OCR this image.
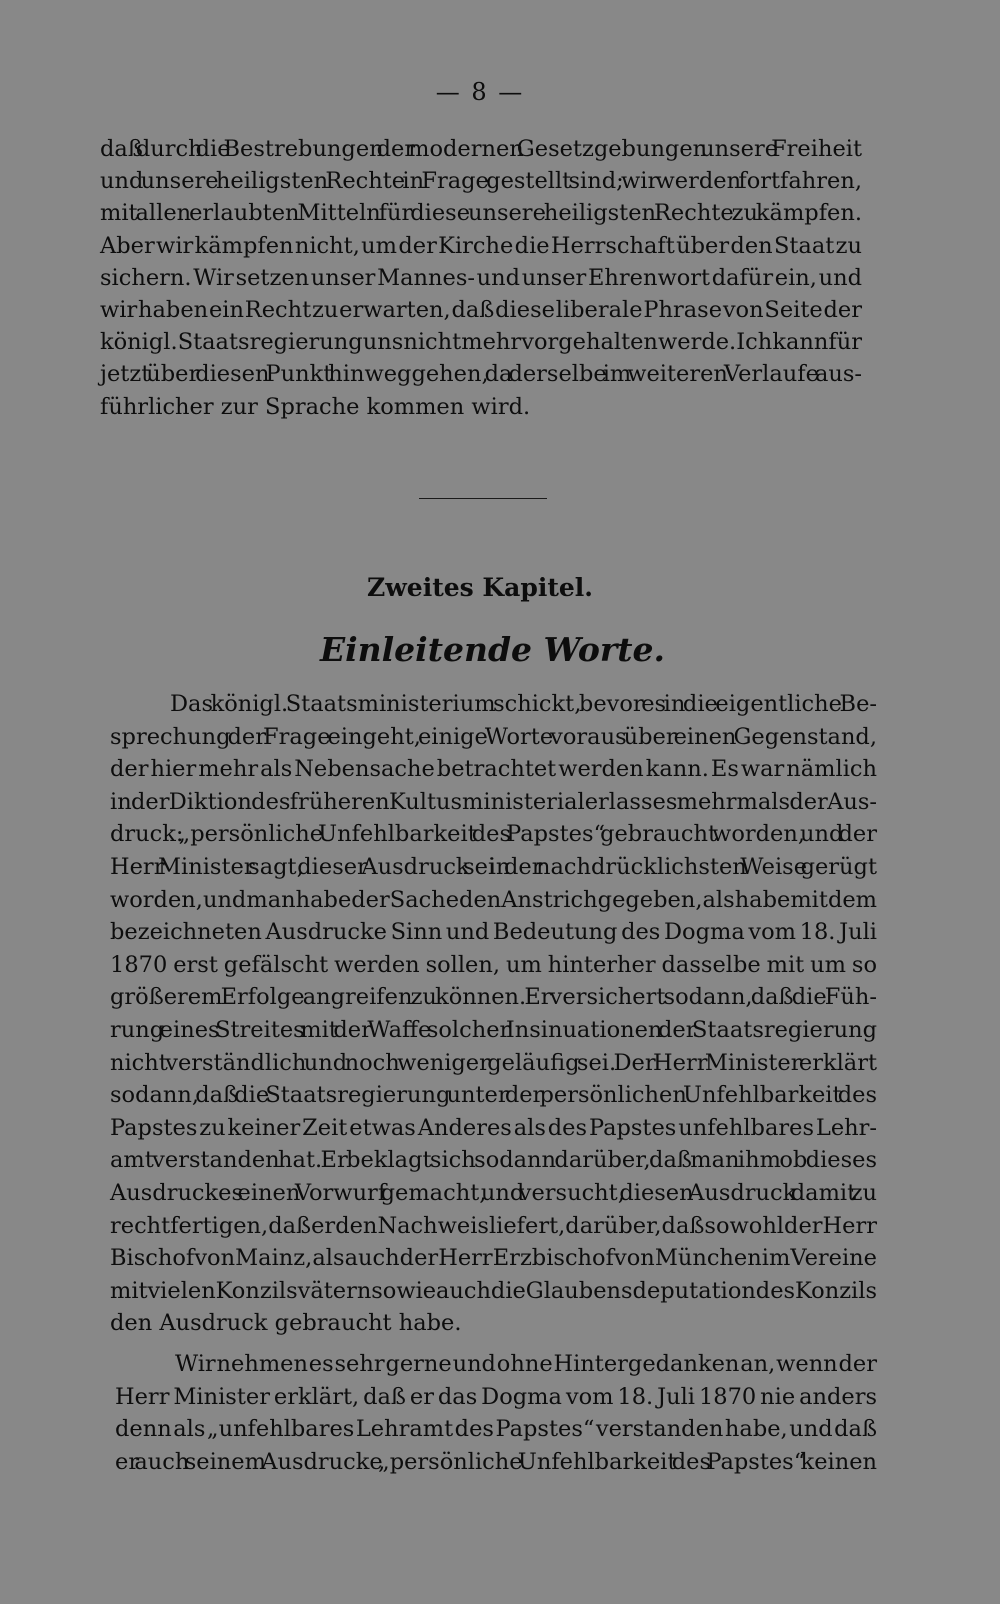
— 8 —
daß durch die Bestrebungen der modernen Gesetzgebungen unsere Freiheit
und unsere heiligsten Rechte in Frage gestellt sind; wir werden fortfahren,
mit allen erlaubten Mitteln für diese unsere heiligsten Rechte zu kämpfen.
Aber wir kämpfen nicht, um der Kirche die Herrschaft über den Staat zu
sichern. Wir setzen unser Mannes- und unser Ehrenwort dafür ein, und
wir haben ein Recht zu erwarten, daß diese liberale Phrase von Seite der
königl. Staatsregierung uns nicht mehr vorgehalten werde. Ich kann für
jetzt über diesen Punkt hinweggehen, da derselbe im weiteren Verlaufe aus-
führlicher zur Sprache kommen wird.
Zweites Kapitel.
Einleitende Worte.
Das königl. Staatsministerium schickt, bevor es in die eigentliche Be-
sprechung der Frage eingeht, einige Worte voraus über einen Gegenstand,
der hier mehr als Nebensache betrachtet werden kann. Es war nämlich
in der Diktion des früheren Kultusministerialerlasses mehrmals der Aus-
druck: „persönliche Unfehlbarkeit des Papstes“ gebraucht worden, und der
Herr Minister sagt, dieser Ausdruck sei in der nachdrücklichsten Weise gerügt
worden, und man habe der Sache den Anstrich gegeben, als habe mit dem
bezeichneten Ausdrucke Sinn und Bedeutung des Dogma vom 18. Juli
1870 erst gefälscht werden sollen, um hinterher dasselbe mit um so
größerem Erfolge angreifen zu können. Er versichert sodann, daß die Füh-
rung eines Streites mit der Waffe solcher Insinuationen der Staatsregierung
nicht verständlich und noch weniger geläufig sei. Der Herr Minister erklärt
sodann, daß die Staatsregierung unter der persönlichen Unfehlbarkeit des
Papstes zu keiner Zeit etwas Anderes als des Papstes unfehlbares Lehr-
amt verstanden hat. Er beklagt sich sodann darüber, daß man ihm ob dieses
Ausdruckes einen Vorwurf gemacht, und versucht, diesen Ausdruck damit zu
rechtfertigen, daß er den Nachweis liefert, darüber, daß sowohl der Herr
Bischof von Mainz, als auch der Herr Erzbischof von München im Vereine
mit vielen Konzilsvätern sowie auch die Glaubensdeputation des Konzils
den Ausdruck gebraucht habe.
Wir nehmen es sehr gerne und ohne Hintergedanken an, wenn der
Herr Minister erklärt, daß er das Dogma vom 18. Juli 1870 nie anders
denn als „unfehlbares Lehramt des Papstes“ verstanden habe, und daß
er auch seinem Ausdrucke „persönliche Unfehlbarkeit des Papstes“ keinen
